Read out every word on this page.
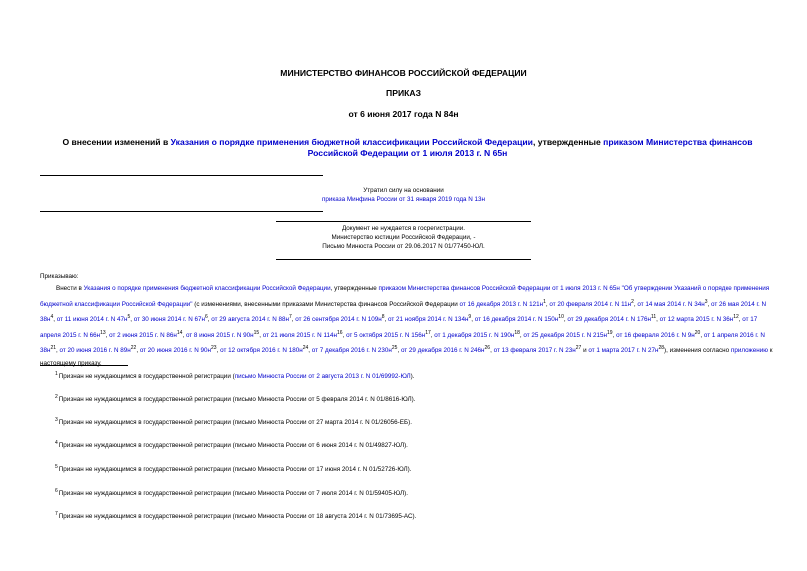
МИНИСТЕРСТВО ФИНАНСОВ РОССИЙСКОЙ ФЕДЕРАЦИИ
ПРИКАЗ
от 6 июня 2017 года N 84н
О внесении изменений в Указания о порядке применения бюджетной классификации Российской Федерации, утвержденные приказом Министерства финансов Российской Федерации от 1 июля 2013 г. N 65н
Утратил силу на основании
приказа Минфина России от 31 января 2019 года N 13н
Документ не нуждается в госрегистрации.
Министерство юстиции Российской Федерации, -
Письмо Минюста России от 29.06.2017 N 01/77450-ЮЛ.
Приказываю:

Внести в Указания о порядке применения бюджетной классификации Российской Федерации, утвержденные приказом Министерства финансов Российской Федерации от 1 июля 2013 г. N 65н "Об утверждении Указаний о порядке применения бюджетной классификации Российской Федерации" (с изменениями, внесенными приказами Министерства финансов Российской Федерации от 16 декабря 2013 г. N $121н^1$, от 20 февраля 2014 г. N $11н^2$, от 14 мая 2014 г. N $34н^3$, от 26 мая 2014 г. N $38н^4$, от 11 июня 2014 г. N $47н^5$, от 30 июня 2014 г. N $67н^6$, от 29 августа 2014 г. N $88н^7$, от 26 сентября 2014 г. N $109н^8$, от 21 ноября 2014 г. N $134н^9$, от 16 декабря 2014 г. N $150н^{10}$, от 29 декабря 2014 г. N $176н^{11}$, от 12 марта 2015 г. N $36н^{12}$, от 17 апреля 2015 г. N $66н^{13}$, от 2 июня 2015 г. N $86н^{14}$, от 8 июня 2015 г. N $90н^{15}$, от 21 июля 2015 г. N $114н^{16}$, от 5 октября 2015 г. N $156н^{17}$, от 1 декабря 2015 г. N $190н^{18}$, от 25 декабря 2015 г. N $215н^{19}$, от 16 февраля 2016 г. N $9н^{20}$, от 1 апреля 2016 г. N $38н^{21}$, от 20 июня 2016 г. N $89н^{22}$, от 20 июня 2016 г. N $90н^{23}$, от 12 октября 2016 г. N $180н^{24}$, от 7 декабря 2016 г. N $230н^{25}$, от 29 декабря 2016 г. N $246н^{26}$, от 13 февраля 2017 г. N $23н^{27}$ и от 1 марта 2017 г. N $27н^{28}$), изменения согласно приложению к настоящему приказу.

$^1$Признан не нуждающимся в государственной регистрации (письмо Минюста России от 2 августа 2013 г. N 01/69992-ЮЛ).
$^2$Признан не нуждающимся в государственной регистрации (письмо Минюста России от 5 февраля 2014 г. N 01/8616-ЮЛ).
$^3$Признан не нуждающимся в государственной регистрации (письмо Минюста России от 27 марта 2014 г. N 01/26056-ЕБ).
$^4$Признан не нуждающимся в государственной регистрации (письмо Минюста России от 6 июня 2014 г. N 01/49827-ЮЛ).
$^5$Признан не нуждающимся в государственной регистрации (письмо Минюста России от 17 июня 2014 г. N 01/52726-ЮЛ).
$^6$Признан не нуждающимся в государственной регистрации (письмо Минюста России от 7 июля 2014 г. N 01/59405-ЮЛ).
$^7$Признан не нуждающимся в государственной регистрации (письмо Минюста России от 18 августа 2014 г. N 01/73695-АС).
